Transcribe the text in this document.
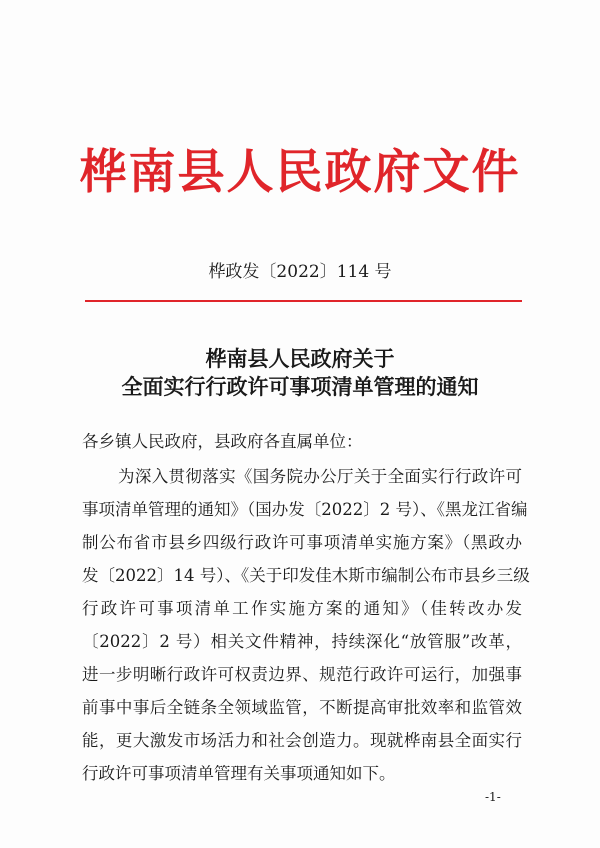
桦南县人民政府文件
桦政发〔2022〕114 号
桦南县人民政府关于
全面实行行政许可事项清单管理的通知
各乡镇人民政府，县政府各直属单位：
为深入贯彻落实《国务院办公厅关于全面实行行政许可
事项清单管理的通知》（国办发〔2022〕2 号）、《黑龙江省编
制公布省市县乡四级行政许可事项清单实施方案》（黑政办
发〔2022〕14 号）、《关于印发佳木斯市编制公布市县乡三级
行政许可事项清单工作实施方案的通知》（佳转改办发
〔2022〕2 号）相关文件精神，持续深化“放管服”改革，
进一步明晰行政许可权责边界、规范行政许可运行，加强事
前事中事后全链条全领域监管，不断提高审批效率和监管效
能，更大激发市场活力和社会创造力。现就桦南县全面实行
行政许可事项清单管理有关事项通知如下。
-1-
